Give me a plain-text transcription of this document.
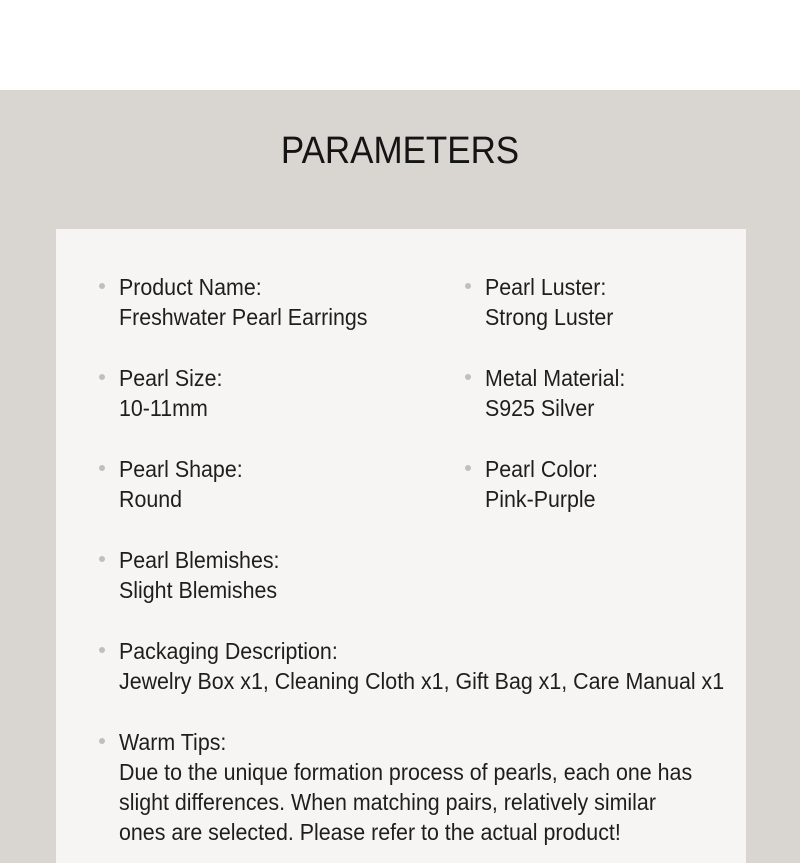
PARAMETERS
Product Name:
Freshwater Pearl Earrings
Pearl Size:
10-11mm
Pearl Shape:
Round
Pearl Blemishes:
Slight Blemishes
Pearl Luster:
Strong Luster
Metal Material:
S925 Silver
Pearl Color:
Pink-Purple
Packaging Description:
Jewelry Box x1, Cleaning Cloth x1, Gift Bag x1, Care Manual x1
Warm Tips:
Due to the unique formation process of pearls, each one has
slight differences. When matching pairs, relatively similar
ones are selected. Please refer to the actual product!
